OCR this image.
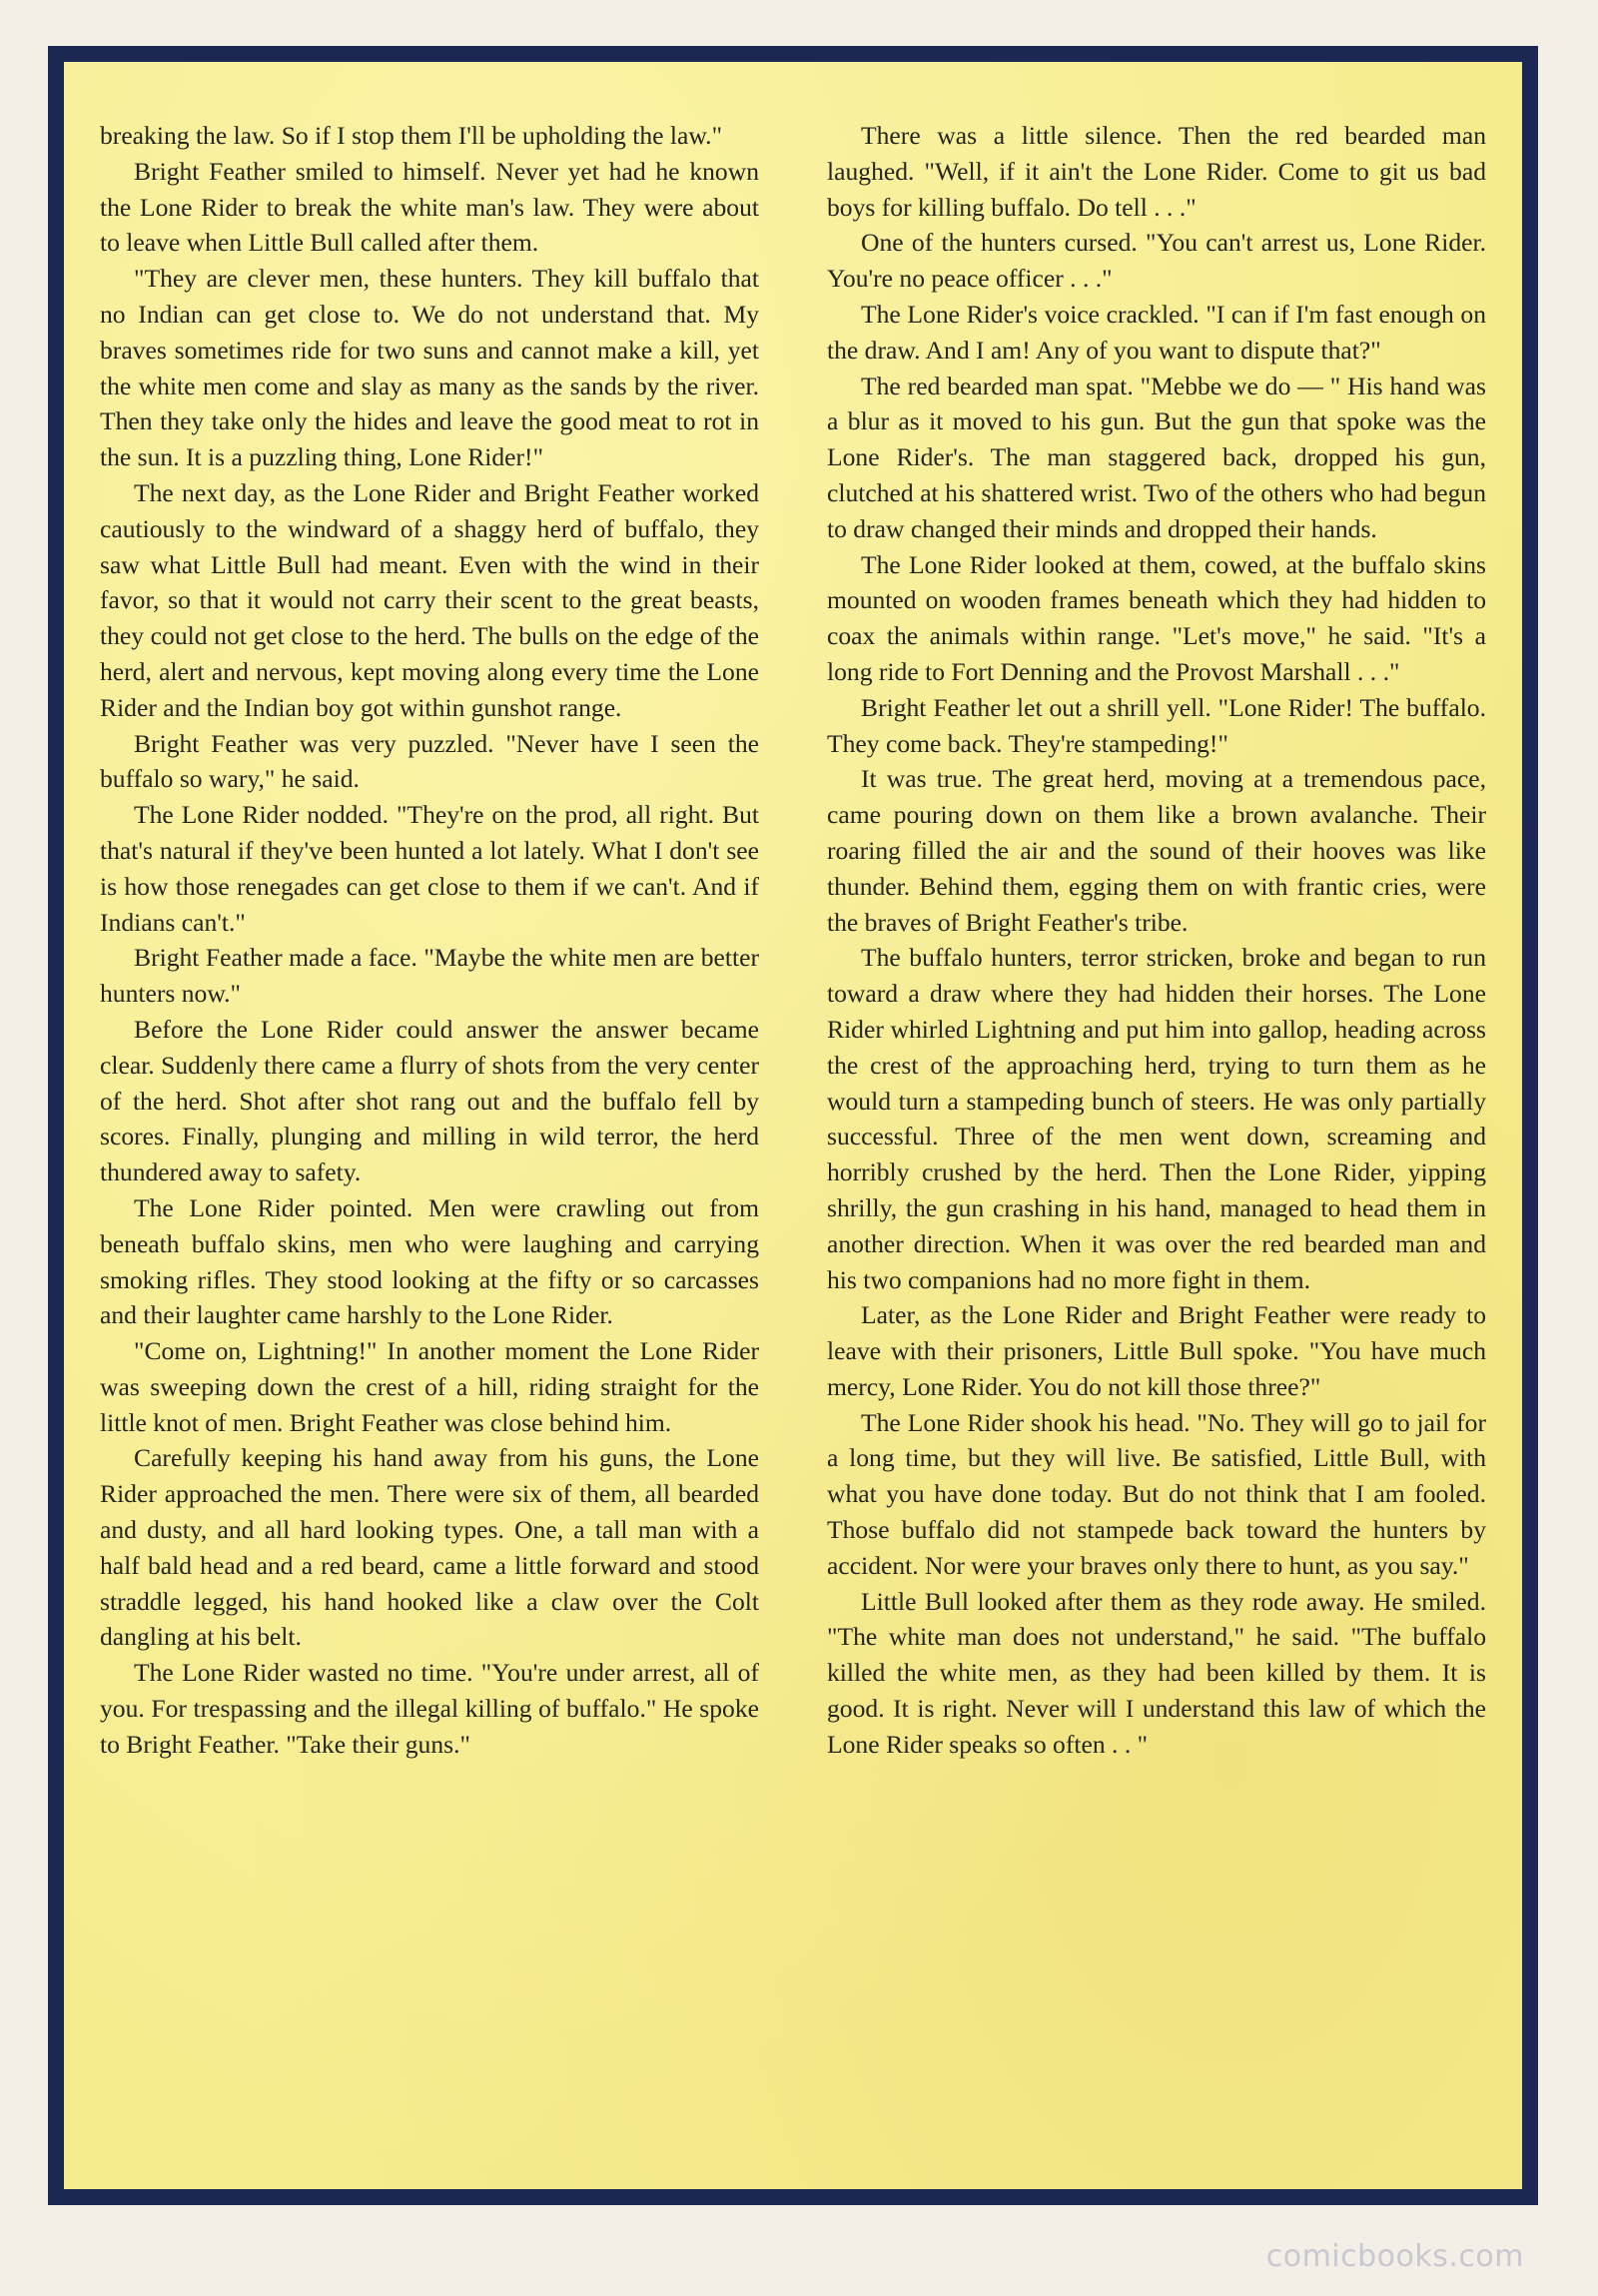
breaking the law. So if I stop them I'll be upholding the law."

Bright Feather smiled to himself. Never yet had he known the Lone Rider to break the white man's law. They were about to leave when Little Bull called after them.

"They are clever men, these hunters. They kill buffalo that no Indian can get close to. We do not understand that. My braves sometimes ride for two suns and cannot make a kill, yet the white men come and slay as many as the sands by the river. Then they take only the hides and leave the good meat to rot in the sun. It is a puzzling thing, Lone Rider!"

The next day, as the Lone Rider and Bright Feather worked cautiously to the windward of a shaggy herd of buffalo, they saw what Little Bull had meant. Even with the wind in their favor, so that it would not carry their scent to the great beasts, they could not get close to the herd. The bulls on the edge of the herd, alert and nervous, kept moving along every time the Lone Rider and the Indian boy got within gunshot range.

Bright Feather was very puzzled. "Never have I seen the buffalo so wary," he said.

The Lone Rider nodded. "They're on the prod, all right. But that's natural if they've been hunted a lot lately. What I don't see is how those renegades can get close to them if we can't. And if Indians can't."

Bright Feather made a face. "Maybe the white men are better hunters now."

Before the Lone Rider could answer the answer became clear. Suddenly there came a flurry of shots from the very center of the herd. Shot after shot rang out and the buffalo fell by scores. Finally, plunging and milling in wild terror, the herd thundered away to safety.

The Lone Rider pointed. Men were crawling out from beneath buffalo skins, men who were laughing and carrying smoking rifles. They stood looking at the fifty or so carcasses and their laughter came harshly to the Lone Rider.

"Come on, Lightning!" In another moment the Lone Rider was sweeping down the crest of a hill, riding straight for the little knot of men. Bright Feather was close behind him.

Carefully keeping his hand away from his guns, the Lone Rider approached the men. There were six of them, all bearded and dusty, and all hard looking types. One, a tall man with a half bald head and a red beard, came a little forward and stood straddle legged, his hand hooked like a claw over the Colt dangling at his belt.

The Lone Rider wasted no time. "You're under arrest, all of you. For trespassing and the illegal killing of buffalo." He spoke to Bright Feather. "Take their guns."

There was a little silence. Then the red bearded man laughed. "Well, if it ain't the Lone Rider. Come to git us bad boys for killing buffalo. Do tell . . ."

One of the hunters cursed. "You can't arrest us, Lone Rider. You're no peace officer . . ."

The Lone Rider's voice crackled. "I can if I'm fast enough on the draw. And I am! Any of you want to dispute that?"

The red bearded man spat. "Mebbe we do — " His hand was a blur as it moved to his gun. But the gun that spoke was the Lone Rider's. The man staggered back, dropped his gun, clutched at his shattered wrist. Two of the others who had begun to draw changed their minds and dropped their hands.

The Lone Rider looked at them, cowed, at the buffalo skins mounted on wooden frames beneath which they had hidden to coax the animals within range. "Let's move," he said. "It's a long ride to Fort Denning and the Provost Marshall . . ."

Bright Feather let out a shrill yell. "Lone Rider! The buffalo. They come back. They're stampeding!"

It was true. The great herd, moving at a tremendous pace, came pouring down on them like a brown avalanche. Their roaring filled the air and the sound of their hooves was like thunder. Behind them, egging them on with frantic cries, were the braves of Bright Feather's tribe.

The buffalo hunters, terror stricken, broke and began to run toward a draw where they had hidden their horses. The Lone Rider whirled Lightning and put him into gallop, heading across the crest of the approaching herd, trying to turn them as he would turn a stampeding bunch of steers. He was only partially successful. Three of the men went down, screaming and horribly crushed by the herd. Then the Lone Rider, yipping shrilly, the gun crashing in his hand, managed to head them in another direction. When it was over the red bearded man and his two companions had no more fight in them.

Later, as the Lone Rider and Bright Feather were ready to leave with their prisoners, Little Bull spoke. "You have much mercy, Lone Rider. You do not kill those three?"

The Lone Rider shook his head. "No. They will go to jail for a long time, but they will live. Be satisfied, Little Bull, with what you have done today. But do not think that I am fooled. Those buffalo did not stampede back toward the hunters by accident. Nor were your braves only there to hunt, as you say."

Little Bull looked after them as they rode away. He smiled. "The white man does not understand," he said. "The buffalo killed the white men, as they had been killed by them. It is good. It is right. Never will I understand this law of which the Lone Rider speaks so often . . "

comicbooks.com
